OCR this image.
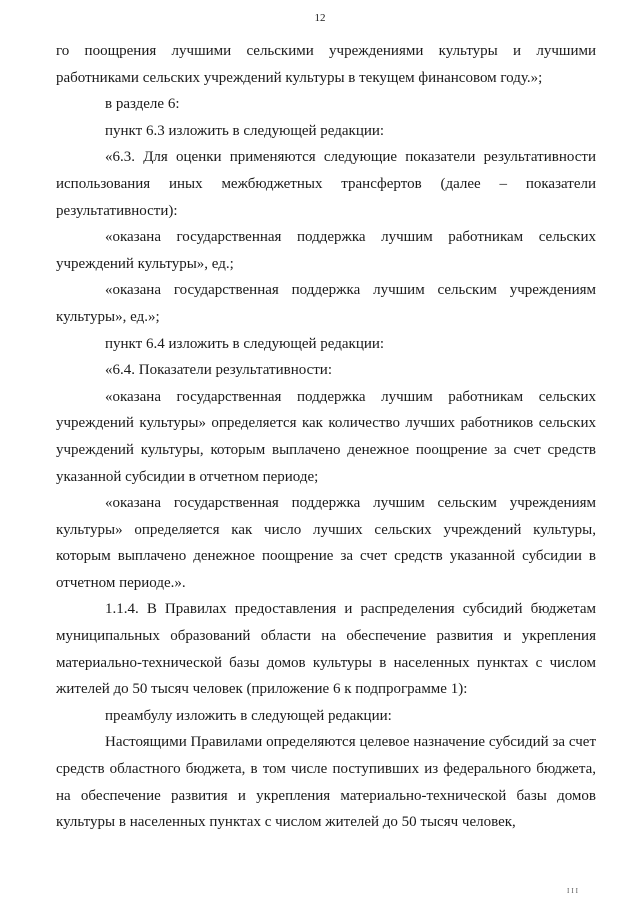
12

го поощрения лучшими сельскими учреждениями культуры и лучшими работниками сельских учреждений культуры в текущем финансовом году.»;

в разделе 6:

пункт 6.3 изложить в следующей редакции:

«6.3. Для оценки применяются следующие показатели результативности использования иных межбюджетных трансфертов (далее – показатели результативности):

«оказана государственная поддержка лучшим работникам сельских учреждений культуры», ед.;

«оказана государственная поддержка лучшим сельским учреждениям культуры», ед.»;

пункт 6.4 изложить в следующей редакции:

«6.4. Показатели результативности:

«оказана государственная поддержка лучшим работникам сельских учреждений культуры» определяется как количество лучших работников сельских учреждений культуры, которым выплачено денежное поощрение за счет средств указанной субсидии в отчетном периоде;

«оказана государственная поддержка лучшим сельским учреждениям культуры» определяется как число лучших сельских учреждений культуры, которым выплачено денежное поощрение за счет средств указанной субсидии в отчетном периоде.».

1.1.4. В Правилах предоставления и распределения субсидий бюджетам муниципальных образований области на обеспечение развития и укрепления материально-технической базы домов культуры в населенных пунктах с числом жителей до 50 тысяч человек (приложение 6 к подпрограмме 1):

преамбулу изложить в следующей редакции:

Настоящими Правилами определяются целевое назначение субсидий за счет средств областного бюджета, в том числе поступивших из федерального бюджета, на обеспечение развития и укрепления материально-технической базы домов культуры в населенных пунктах с числом жителей до 50 тысяч человек,

III
